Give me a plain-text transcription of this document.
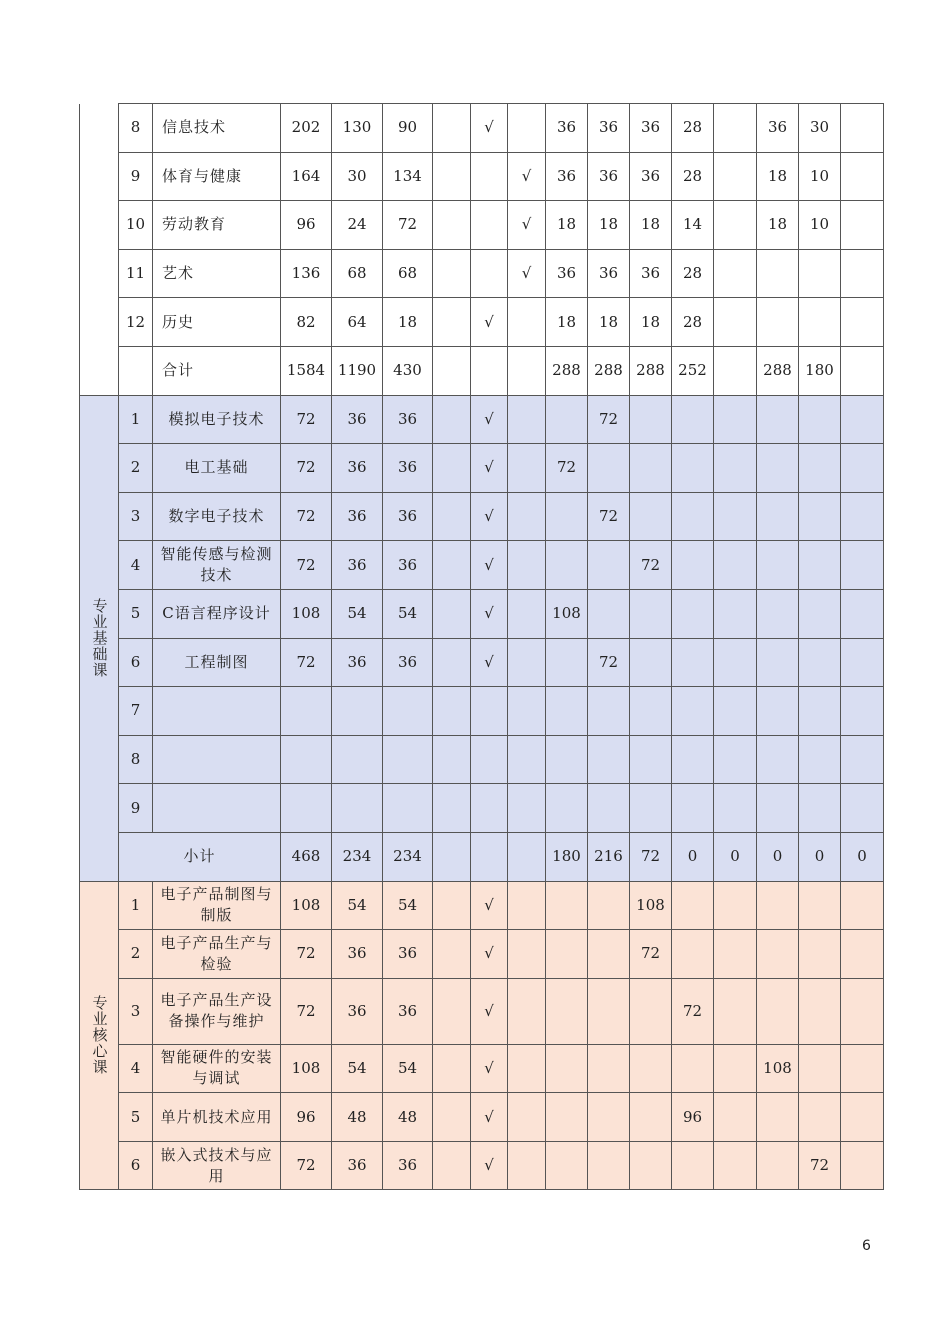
	8	信息技术	202	130	90		√		36	36	36	28		36	30	
	9	体育与健康	164	30	134			√	36	36	36	28		18	10	
	10	劳动教育	96	24	72			√	18	18	18	14		18	10	
	11	艺术	136	68	68			√	36	36	36	28				
	12	历史	82	64	18		√		18	18	18	28				
		合计	1584	1190	430				288	288	288	252		288	180	
专业基础课	1	模拟电子技术	72	36	36		√			72						
	2	电工基础	72	36	36		√		72							
	3	数字电子技术	72	36	36		√			72						
	4	智能传感与检测技术	72	36	36		√				72					
	5	C语言程序设计	108	54	54		√		108							
	6	工程制图	72	36	36		√			72						
	7															
	8															
	9															
	小计		468	234	234				180	216	72	0	0	0	0	0
专业核心课	1	电子产品制图与制版	108	54	54		√				108					
	2	电子产品生产与检验	72	36	36		√				72					
	3	电子产品生产设备操作与维护	72	36	36		√					72				
	4	智能硬件的安装与调试	108	54	54		√							108		
	5	单片机技术应用	96	48	48		√					96				
	6	嵌入式技术与应用	72	36	36		√								72	
6
